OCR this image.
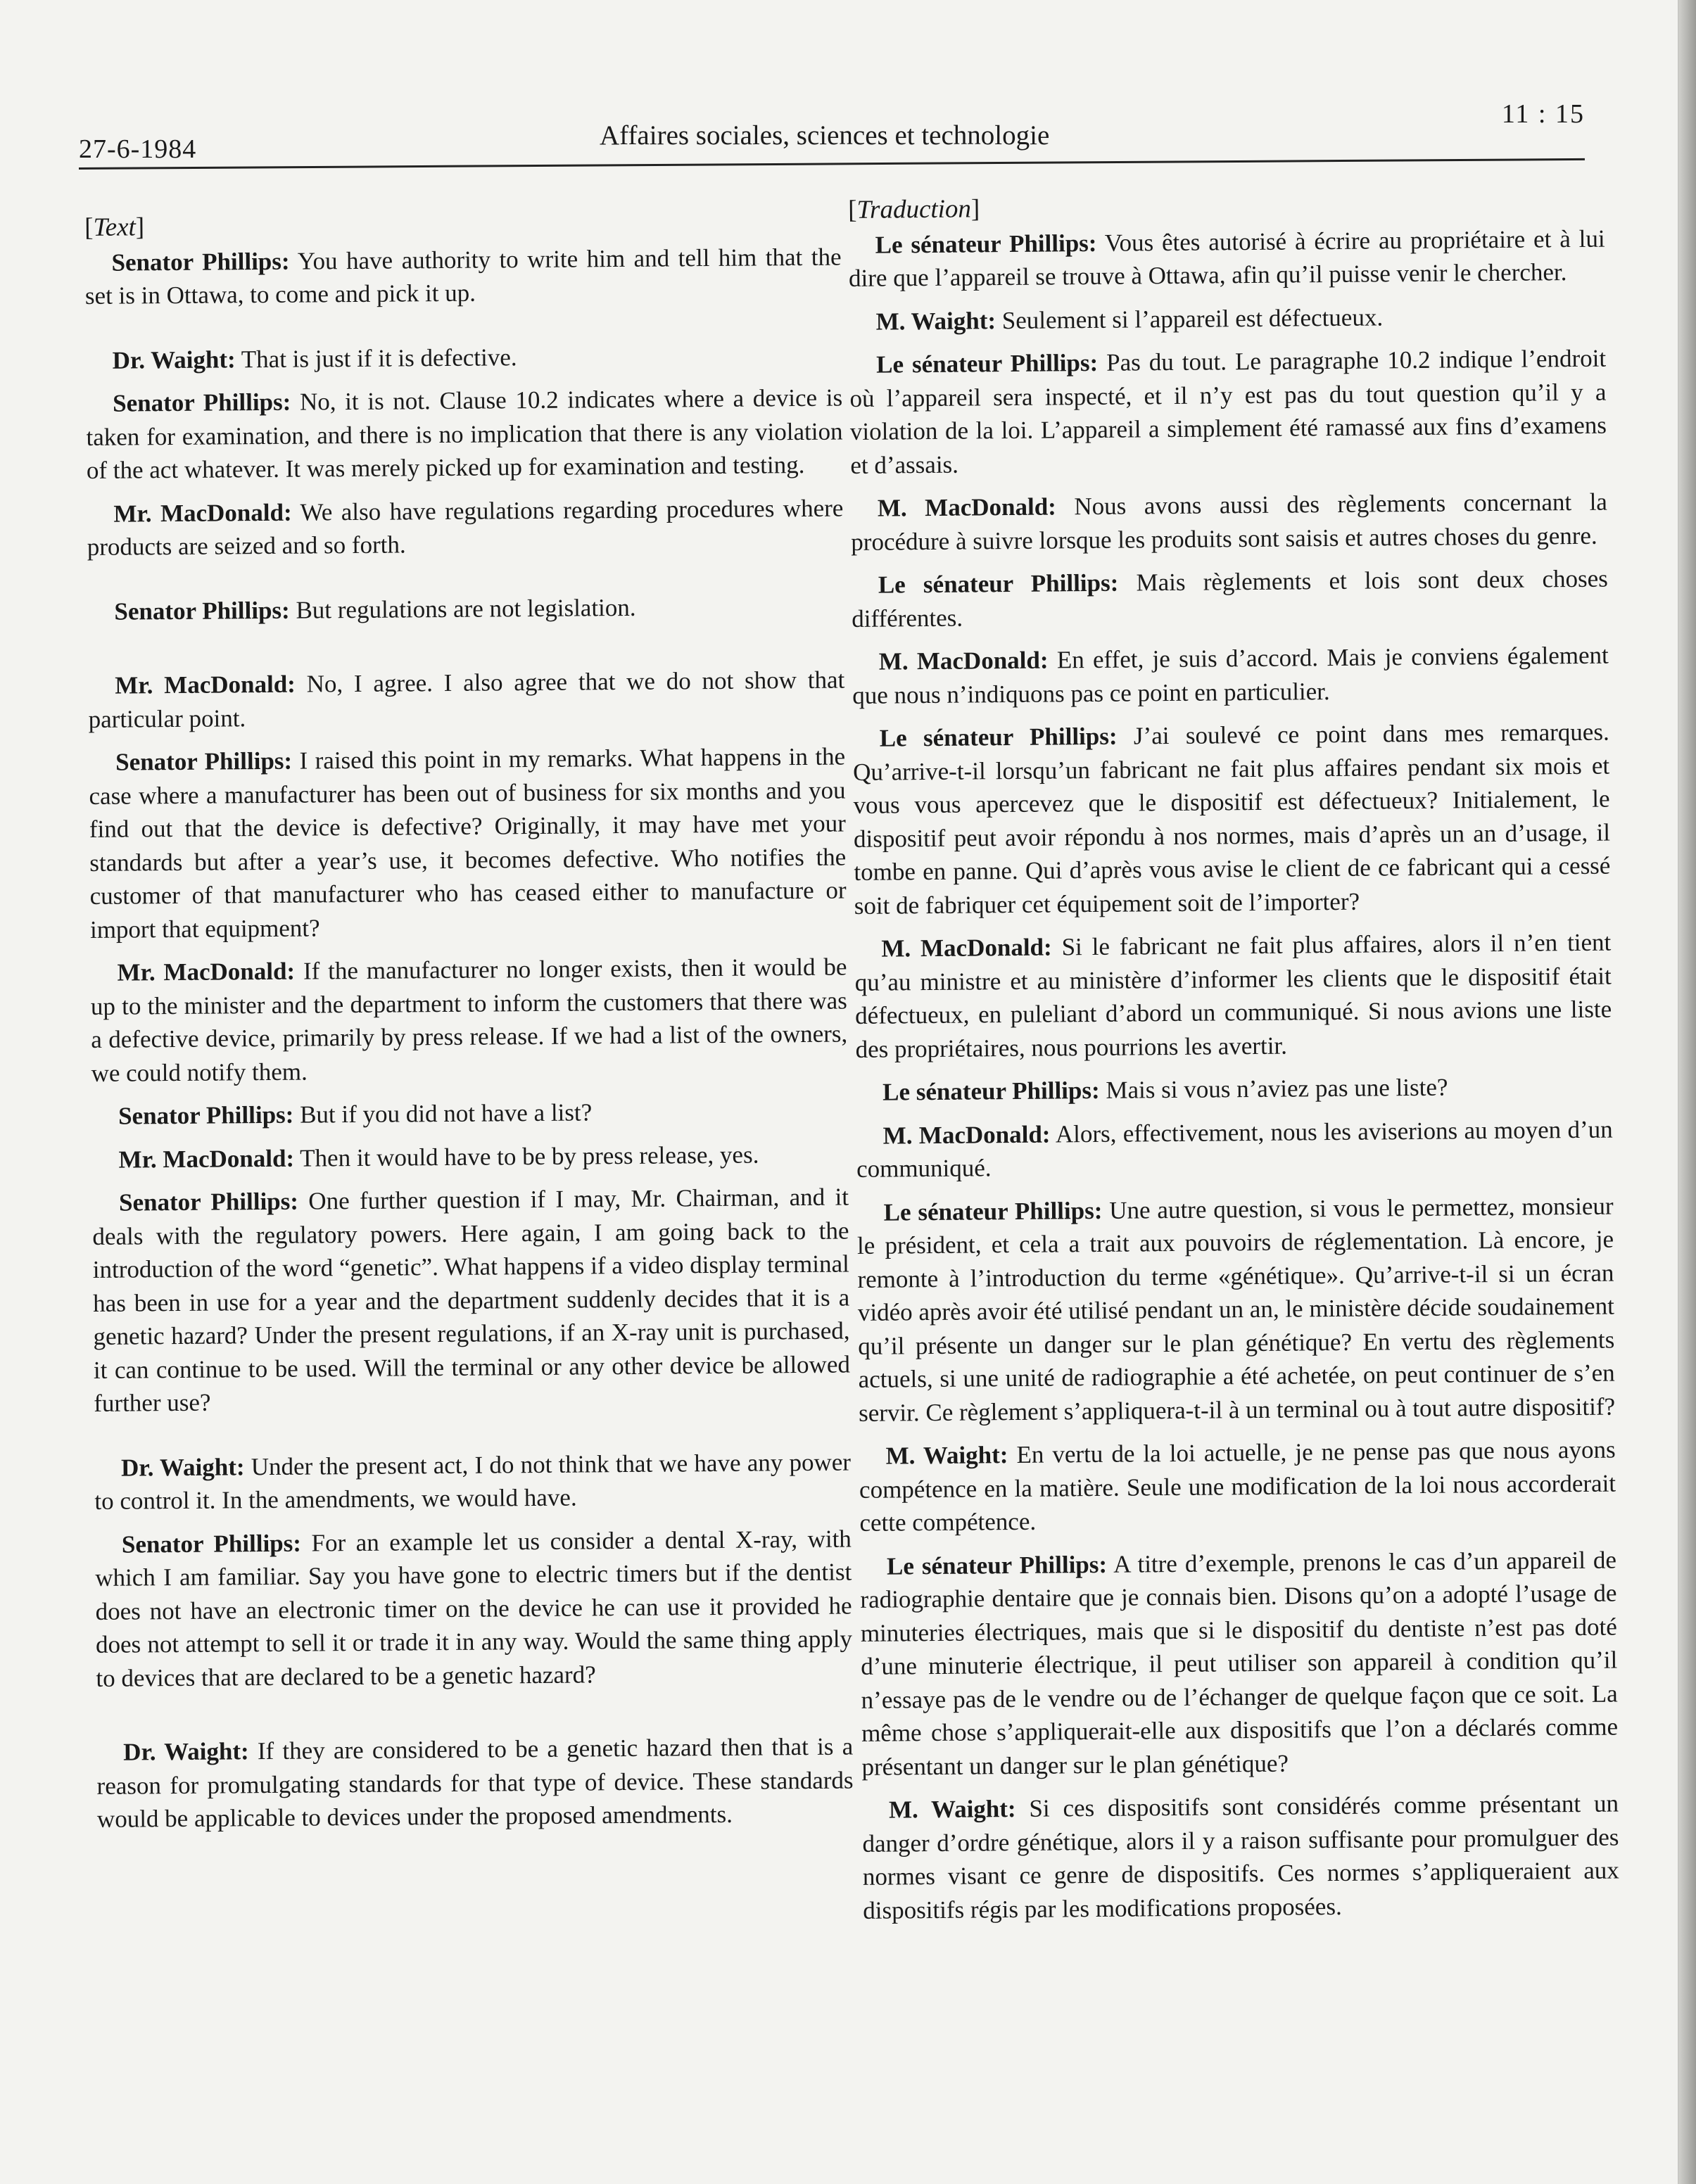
27-6-1984	Affaires sociales, sciences et technologie
11 : 15
[Text]

Senator Phillips: You have authority to write him and tell him that the set is in Ottawa, to come and pick it up.

Dr. Waight: That is just if it is defective.

Senator Phillips: No, it is not. Clause 10.2 indicates where a device is taken for examination, and there is no implication that there is any violation of the act whatever. It was merely picked up for examination and testing.

Mr. MacDonald: We also have regulations regarding procedures where products are seized and so forth.

Senator Phillips: But regulations are not legislation.

Mr. MacDonald: No, I agree. I also agree that we do not show that particular point.

Senator Phillips: I raised this point in my remarks. What happens in the case where a manufacturer has been out of business for six months and you find out that the device is defective? Originally, it may have met your standards but after a year’s use, it becomes defective. Who notifies the customer of that manufacturer who has ceased either to manufacture or import that equipment?

Mr. MacDonald: If the manufacturer no longer exists, then it would be up to the minister and the department to inform the customers that there was a defective device, primarily by press release. If we had a list of the owners, we could notify them.

Senator Phillips: But if you did not have a list?

Mr. MacDonald: Then it would have to be by press release, yes.

Senator Phillips: One further question if I may, Mr. Chairman, and it deals with the regulatory powers. Here again, I am going back to the introduction of the word “genetic”. What happens if a video display terminal has been in use for a year and the department suddenly decides that it is a genetic hazard? Under the present regulations, if an X-ray unit is purchased, it can continue to be used. Will the terminal or any other device be allowed further use?

Dr. Waight: Under the present act, I do not think that we have any power to control it. In the amendments, we would have.

Senator Phillips: For an example let us consider a dental X-ray, with which I am familiar. Say you have gone to electric timers but if the dentist does not have an electronic timer on the device he can use it provided he does not attempt to sell it or trade it in any way. Would the same thing apply to devices that are declared to be a genetic hazard?

Dr. Waight: If they are considered to be a genetic hazard then that is a reason for promulgating standards for that type of device. These standards would be applicable to devices under the proposed amendments.

[Traduction]

Le sénateur Phillips: Vous êtes autorisé à écrire au propriétaire et à lui dire que l’appareil se trouve à Ottawa, afin qu’il puisse venir le chercher.

M. Waight: Seulement si l’appareil est défectueux.

Le sénateur Phillips: Pas du tout. Le paragraphe 10.2 indique l’endroit où l’appareil sera inspecté, et il n’y est pas du tout question qu’il y a violation de la loi. L’appareil a simplement été ramassé aux fins d’examens et d’assais.

M. MacDonald: Nous avons aussi des règlements concernant la procédure à suivre lorsque les produits sont saisis et autres choses du genre.

Le sénateur Phillips: Mais règlements et lois sont deux choses différentes.

M. MacDonald: En effet, je suis d’accord. Mais je conviens également que nous n’indiquons pas ce point en particulier.

Le sénateur Phillips: J’ai soulevé ce point dans mes remarques. Qu’arrive-t-il lorsqu’un fabricant ne fait plus affaires pendant six mois et vous vous apercevez que le dispositif est défectueux? Initialement, le dispositif peut avoir répondu à nos normes, mais d’après un an d’usage, il tombe en panne. Qui d’après vous avise le client de ce fabricant qui a cessé soit de fabriquer cet équipement soit de l’importer?

M. MacDonald: Si le fabricant ne fait plus affaires, alors il n’en tient qu’au ministre et au ministère d’informer les clients que le dispositif était défectueux, en puleliant d’abord un communiqué. Si nous avions une liste des propriétaires, nous pourrions les avertir.

Le sénateur Phillips: Mais si vous n’aviez pas une liste?

M. MacDonald: Alors, effectivement, nous les aviserions au moyen d’un communiqué.

Le sénateur Phillips: Une autre question, si vous le permettez, monsieur le président, et cela a trait aux pouvoirs de réglementation. Là encore, je remonte à l’introduction du terme «génétique». Qu’arrive-t-il si un écran vidéo après avoir été utilisé pendant un an, le ministère décide soudainement qu’il présente un danger sur le plan génétique? En vertu des règlements actuels, si une unité de radiographie a été achetée, on peut continuer de s’en servir. Ce règlement s’appliquera-t-il à un terminal ou à tout autre dispositif?

M. Waight: En vertu de la loi actuelle, je ne pense pas que nous ayons compétence en la matière. Seule une modification de la loi nous accorderait cette compétence.

Le sénateur Phillips: A titre d’exemple, prenons le cas d’un appareil de radiographie dentaire que je connais bien. Disons qu’on a adopté l’usage de minuteries électriques, mais que si le dispositif du dentiste n’est pas doté d’une minuterie électrique, il peut utiliser son appareil à condition qu’il n’essaye pas de le vendre ou de l’échanger de quelque façon que ce soit. La même chose s’appliquerait-elle aux dispositifs que l’on a déclarés comme présentant un danger sur le plan génétique?

M. Waight: Si ces dispositifs sont considérés comme présentant un danger d’ordre génétique, alors il y a raison suffisante pour promulguer des normes visant ce genre de dispositifs. Ces normes s’appliqueraient aux dispositifs régis par les modifications proposées.
